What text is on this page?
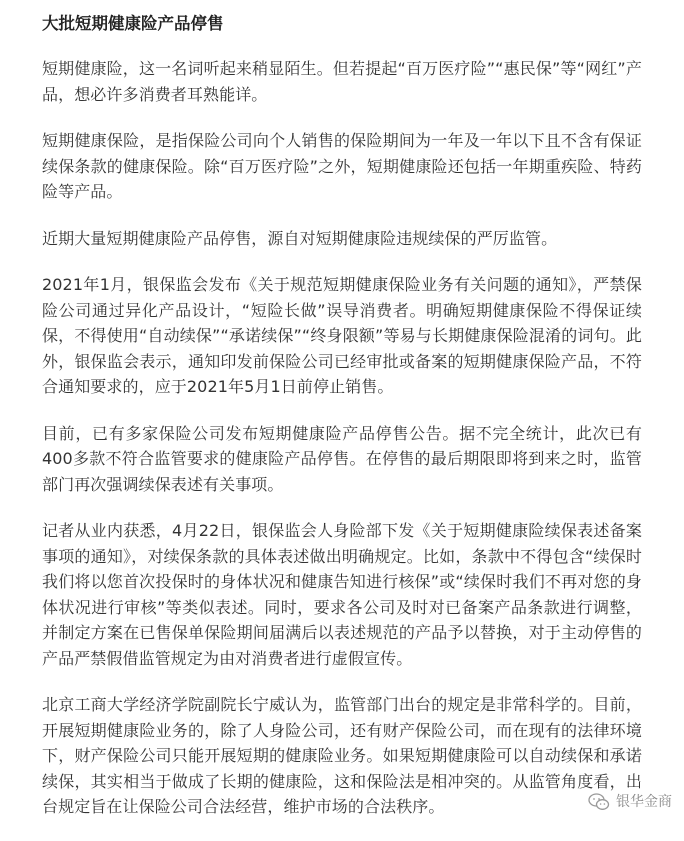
大批短期健康险产品停售

短期健康险，这一名词听起来稍显陌生。但若提起“百万医疗险”“惠民保”等“网红”产品，想必许多消费者耳熟能详。

短期健康保险，是指保险公司向个人销售的保险期间为一年及一年以下且不含有保证续保条款的健康保险。除“百万医疗险”之外，短期健康险还包括一年期重疾险、特药险等产品。

近期大量短期健康险产品停售，源自对短期健康险违规续保的严厉监管。

2021年1月，银保监会发布《关于规范短期健康保险业务有关问题的通知》，严禁保险公司通过异化产品设计，“短险长做”误导消费者。明确短期健康保险不得保证续保，不得使用“自动续保”“承诺续保”“终身限额”等易与长期健康保险混淆的词句。此外，银保监会表示，通知印发前保险公司已经审批或备案的短期健康保险产品，不符合通知要求的，应于2021年5月1日前停止销售。

目前，已有多家保险公司发布短期健康险产品停售公告。据不完全统计，此次已有400多款不符合监管要求的健康险产品停售。在停售的最后期限即将到来之时，监管部门再次强调续保表述有关事项。

记者从业内获悉，4月22日，银保监会人身险部下发《关于短期健康险续保表述备案事项的通知》，对续保条款的具体表述做出明确规定。比如，条款中不得包含“续保时我们将以您首次投保时的身体状况和健康告知进行核保”或“续保时我们不再对您的身体状况进行审核”等类似表述。同时，要求各公司及时对已备案产品条款进行调整，并制定方案在已售保单保险期间届满后以表述规范的产品予以替换，对于主动停售的产品严禁假借监管规定为由对消费者进行虚假宣传。

北京工商大学经济学院副院长宁威认为，监管部门出台的规定是非常科学的。目前，开展短期健康险业务的，除了人身险公司，还有财产保险公司，而在现有的法律环境下，财产保险公司只能开展短期的健康险业务。如果短期健康险可以自动续保和承诺续保，其实相当于做成了长期的健康险，这和保险法是相冲突的。从监管角度看，出台规定旨在让保险公司合法经营，维护市场的合法秩序。	银华金商
